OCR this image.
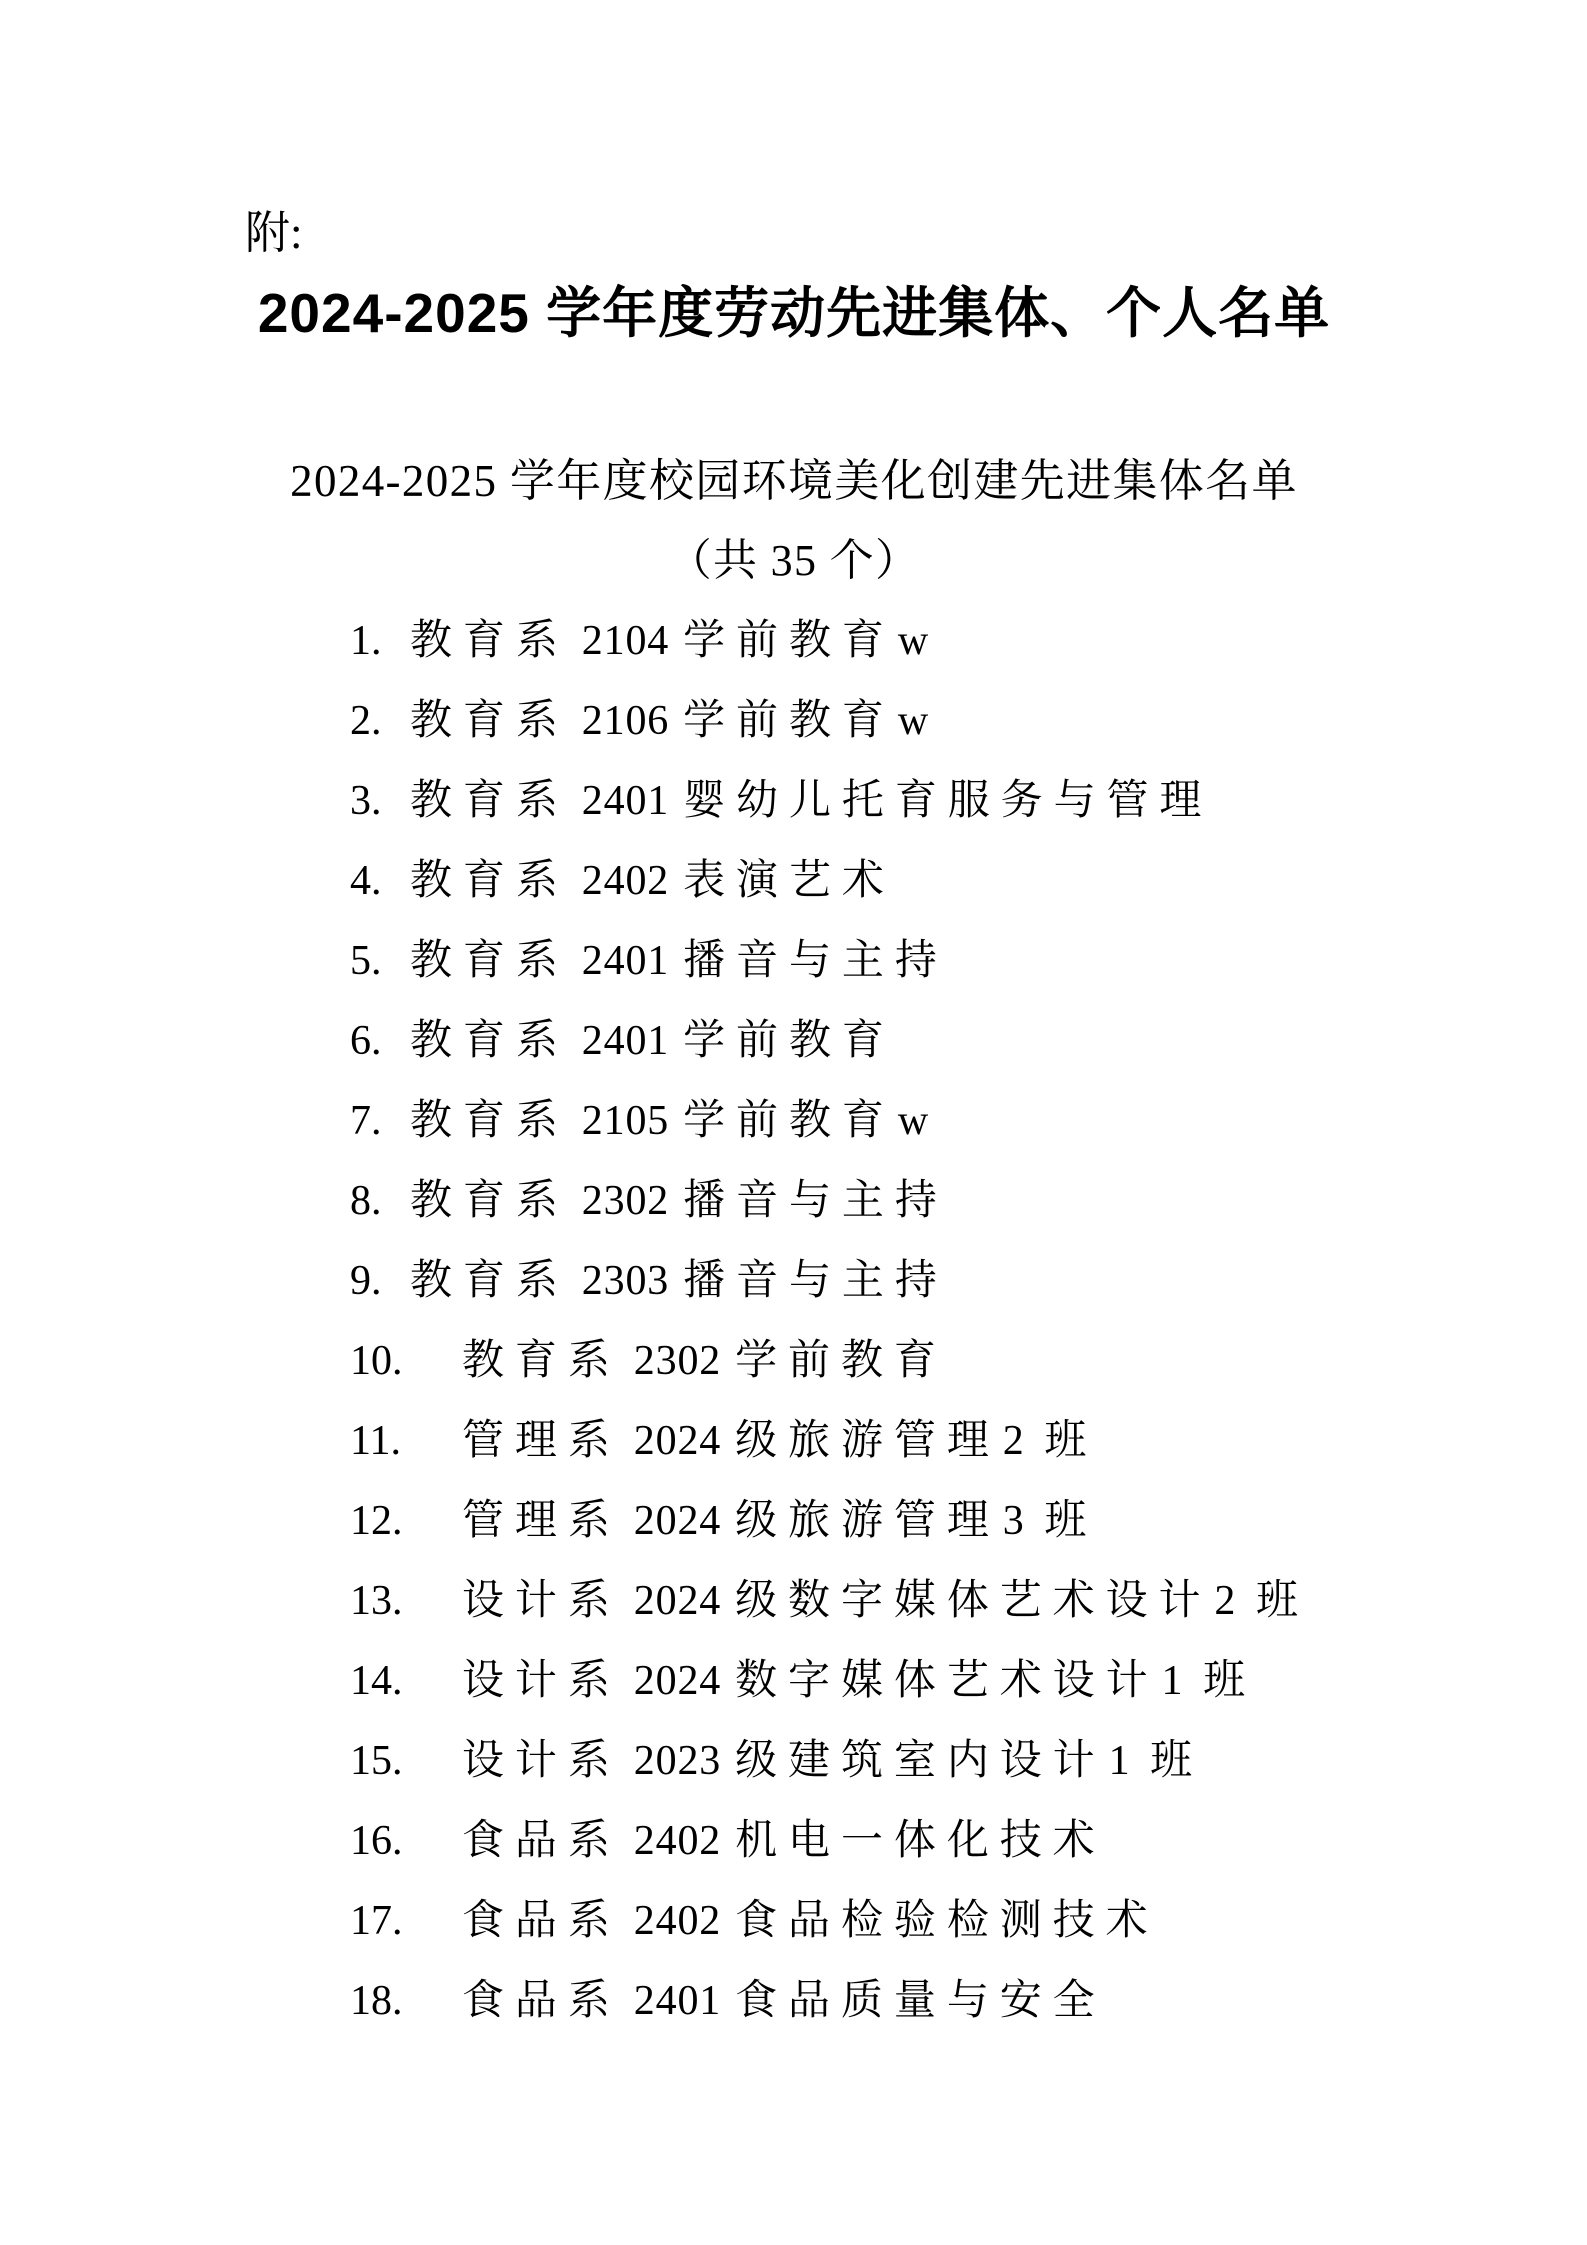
附:
2024-2025 学年度劳动先进集体、个人名单
2024-2025 学年度校园环境美化创建先进集体名单
（共 35 个）
1. 教育系 2104 学前教育w
2. 教育系 2106 学前教育w
3. 教育系 2401 婴幼儿托育服务与管理
4. 教育系 2402 表演艺术
5. 教育系 2401 播音与主持
6. 教育系 2401 学前教育
7. 教育系 2105 学前教育w
8. 教育系 2302 播音与主持
9. 教育系 2303 播音与主持
10. 教育系 2302 学前教育
11. 管理系 2024 级旅游管理2 班
12. 管理系 2024 级旅游管理3 班
13. 设计系 2024 级数字媒体艺术设计2 班
14. 设计系 2024 数字媒体艺术设计1 班
15. 设计系 2023 级建筑室内设计1 班
16. 食品系 2402 机电一体化技术
17. 食品系 2402 食品检验检测技术
18. 食品系 2401 食品质量与安全
